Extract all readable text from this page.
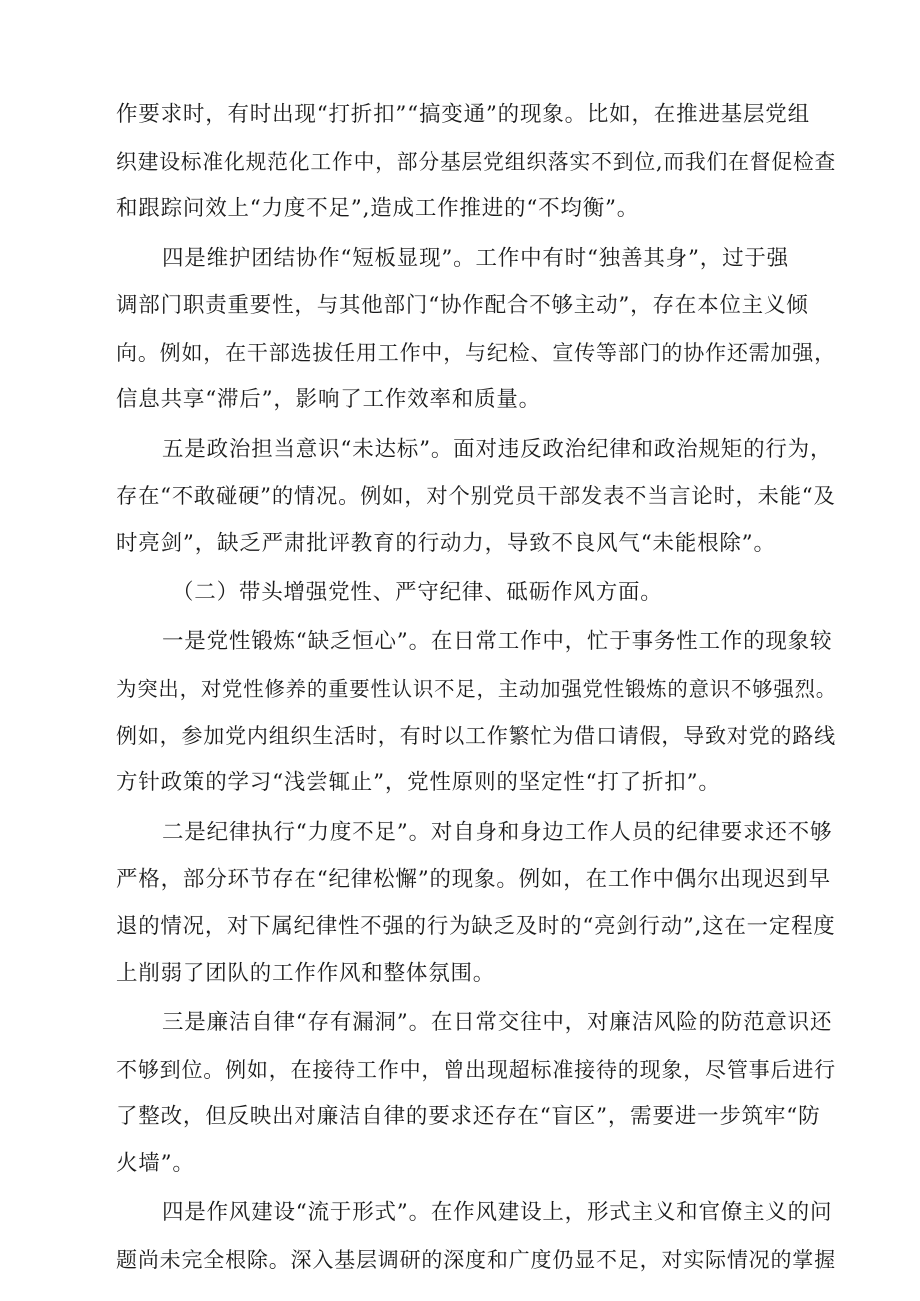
作要求时，有时出现“打折扣”“搞变通”的现象。比如，在推进基层党组

织建设标准化规范化工作中，部分基层党组织落实不到位,而我们在督促检查

和跟踪问效上“力度不足”,造成工作推进的“不均衡”。

四是维护团结协作“短板显现”。工作中有时“独善其身”，过于强

调部门职责重要性，与其他部门“协作配合不够主动”，存在本位主义倾

向。例如，在干部选拔任用工作中，与纪检、宣传等部门的协作还需加强，

信息共享“滞后”，影响了工作效率和质量。

五是政治担当意识“未达标”。面对违反政治纪律和政治规矩的行为，

存在“不敢碰硬”的情况。例如，对个别党员干部发表不当言论时，未能“及

时亮剑”，缺乏严肃批评教育的行动力，导致不良风气“未能根除”。

（二）带头增强党性、严守纪律、砥砺作风方面。

一是党性锻炼“缺乏恒心”。在日常工作中，忙于事务性工作的现象较

为突出，对党性修养的重要性认识不足，主动加强党性锻炼的意识不够强烈。

例如，参加党内组织生活时，有时以工作繁忙为借口请假，导致对党的路线

方针政策的学习“浅尝辄止”，党性原则的坚定性“打了折扣”。

二是纪律执行“力度不足”。对自身和身边工作人员的纪律要求还不够

严格，部分环节存在“纪律松懈”的现象。例如，在工作中偶尔出现迟到早

退的情况，对下属纪律性不强的行为缺乏及时的“亮剑行动”,这在一定程度

上削弱了团队的工作作风和整体氛围。

三是廉洁自律“存有漏洞”。在日常交往中，对廉洁风险的防范意识还

不够到位。例如，在接待工作中，曾出现超标准接待的现象，尽管事后进行

了整改，但反映出对廉洁自律的要求还存在“盲区”，需要进一步筑牢“防

火墙”。

四是作风建设“流于形式”。在作风建设上，形式主义和官僚主义的问

题尚未完全根除。深入基层调研的深度和广度仍显不足，对实际情况的掌握
